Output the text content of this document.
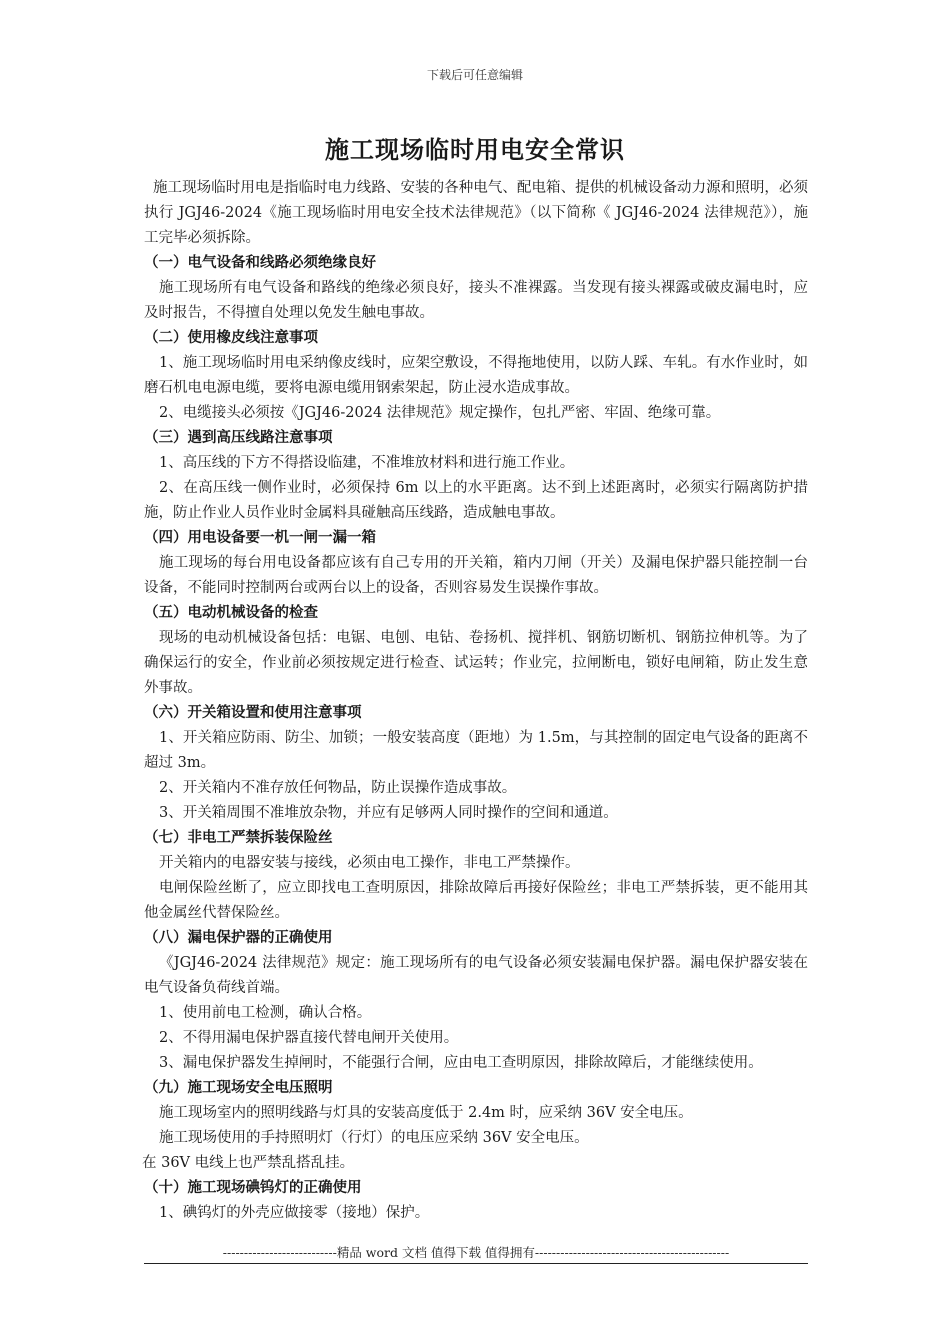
下载后可任意编辑
施工现场临时用电安全常识

施工现场临时用电是指临时电力线路、安装的各种电气、配电箱、提供的机械设备动力源和照明，必须执行 JGJ46-2024《施工现场临时用电安全技术法律规范》（以下简称《 JGJ46-2024 法律规范》），施工完毕必须拆除。

（一）电气设备和线路必须绝缘良好

施工现场所有电气设备和路线的绝缘必须良好，接头不准裸露。当发现有接头裸露或破皮漏电时，应及时报告，不得擅自处理以免发生触电事故。

（二）使用橡皮线注意事项

1、施工现场临时用电采纳像皮线时，应架空敷设，不得拖地使用，以防人踩、车轧。有水作业时，如磨石机电电源电缆，要将电源电缆用钢索架起，防止浸水造成事故。

2、电缆接头必须按《JGJ46-2024 法律规范》规定操作，包扎严密、牢固、绝缘可靠。

（三）遇到高压线路注意事项

1、高压线的下方不得搭设临建，不准堆放材料和进行施工作业。

2、在高压线一侧作业时，必须保持 6m 以上的水平距离。达不到上述距离时，必须实行隔离防护措施，防止作业人员作业时金属料具碰触高压线路，造成触电事故。

（四）用电设备要一机一闸一漏一箱

施工现场的每台用电设备都应该有自己专用的开关箱，箱内刀闸（开关）及漏电保护器只能控制一台设备，不能同时控制两台或两台以上的设备，否则容易发生误操作事故。

（五）电动机械设备的检查

现场的电动机械设备包括：电锯、电刨、电钻、卷扬机、搅拌机、钢筋切断机、钢筋拉伸机等。为了确保运行的安全，作业前必须按规定进行检查、试运转；作业完，拉闸断电，锁好电闸箱，防止发生意外事故。

（六）开关箱设置和使用注意事项

1、开关箱应防雨、防尘、加锁；一般安装高度（距地）为 1.5m，与其控制的固定电气设备的距离不超过 3m。

2、开关箱内不准存放任何物品，防止误操作造成事故。

3、开关箱周围不准堆放杂物，并应有足够两人同时操作的空间和通道。

（七）非电工严禁拆装保险丝

开关箱内的电器安装与接线，必须由电工操作，非电工严禁操作。

电闸保险丝断了，应立即找电工查明原因，排除故障后再接好保险丝；非电工严禁拆装，更不能用其他金属丝代替保险丝。

（八）漏电保护器的正确使用

《JGJ46-2024 法律规范》规定：施工现场所有的电气设备必须安装漏电保护器。漏电保护器安装在电气设备负荷线首端。

1、使用前电工检测，确认合格。

2、不得用漏电保护器直接代替电闸开关使用。

3、漏电保护器发生掉闸时，不能强行合闸，应由电工查明原因，排除故障后，才能继续使用。

（九）施工现场安全电压照明

施工现场室内的照明线路与灯具的安装高度低于 2.4m 时，应采纳 36V 安全电压。

施工现场使用的手持照明灯（行灯）的电压应采纳 36V 安全电压。

在 36V 电线上也严禁乱搭乱挂。

（十）施工现场碘钨灯的正确使用

1、碘钨灯的外壳应做接零（接地）保护。

---------------------------精品 word 文档 值得下载 值得拥有----------------------------------------------
